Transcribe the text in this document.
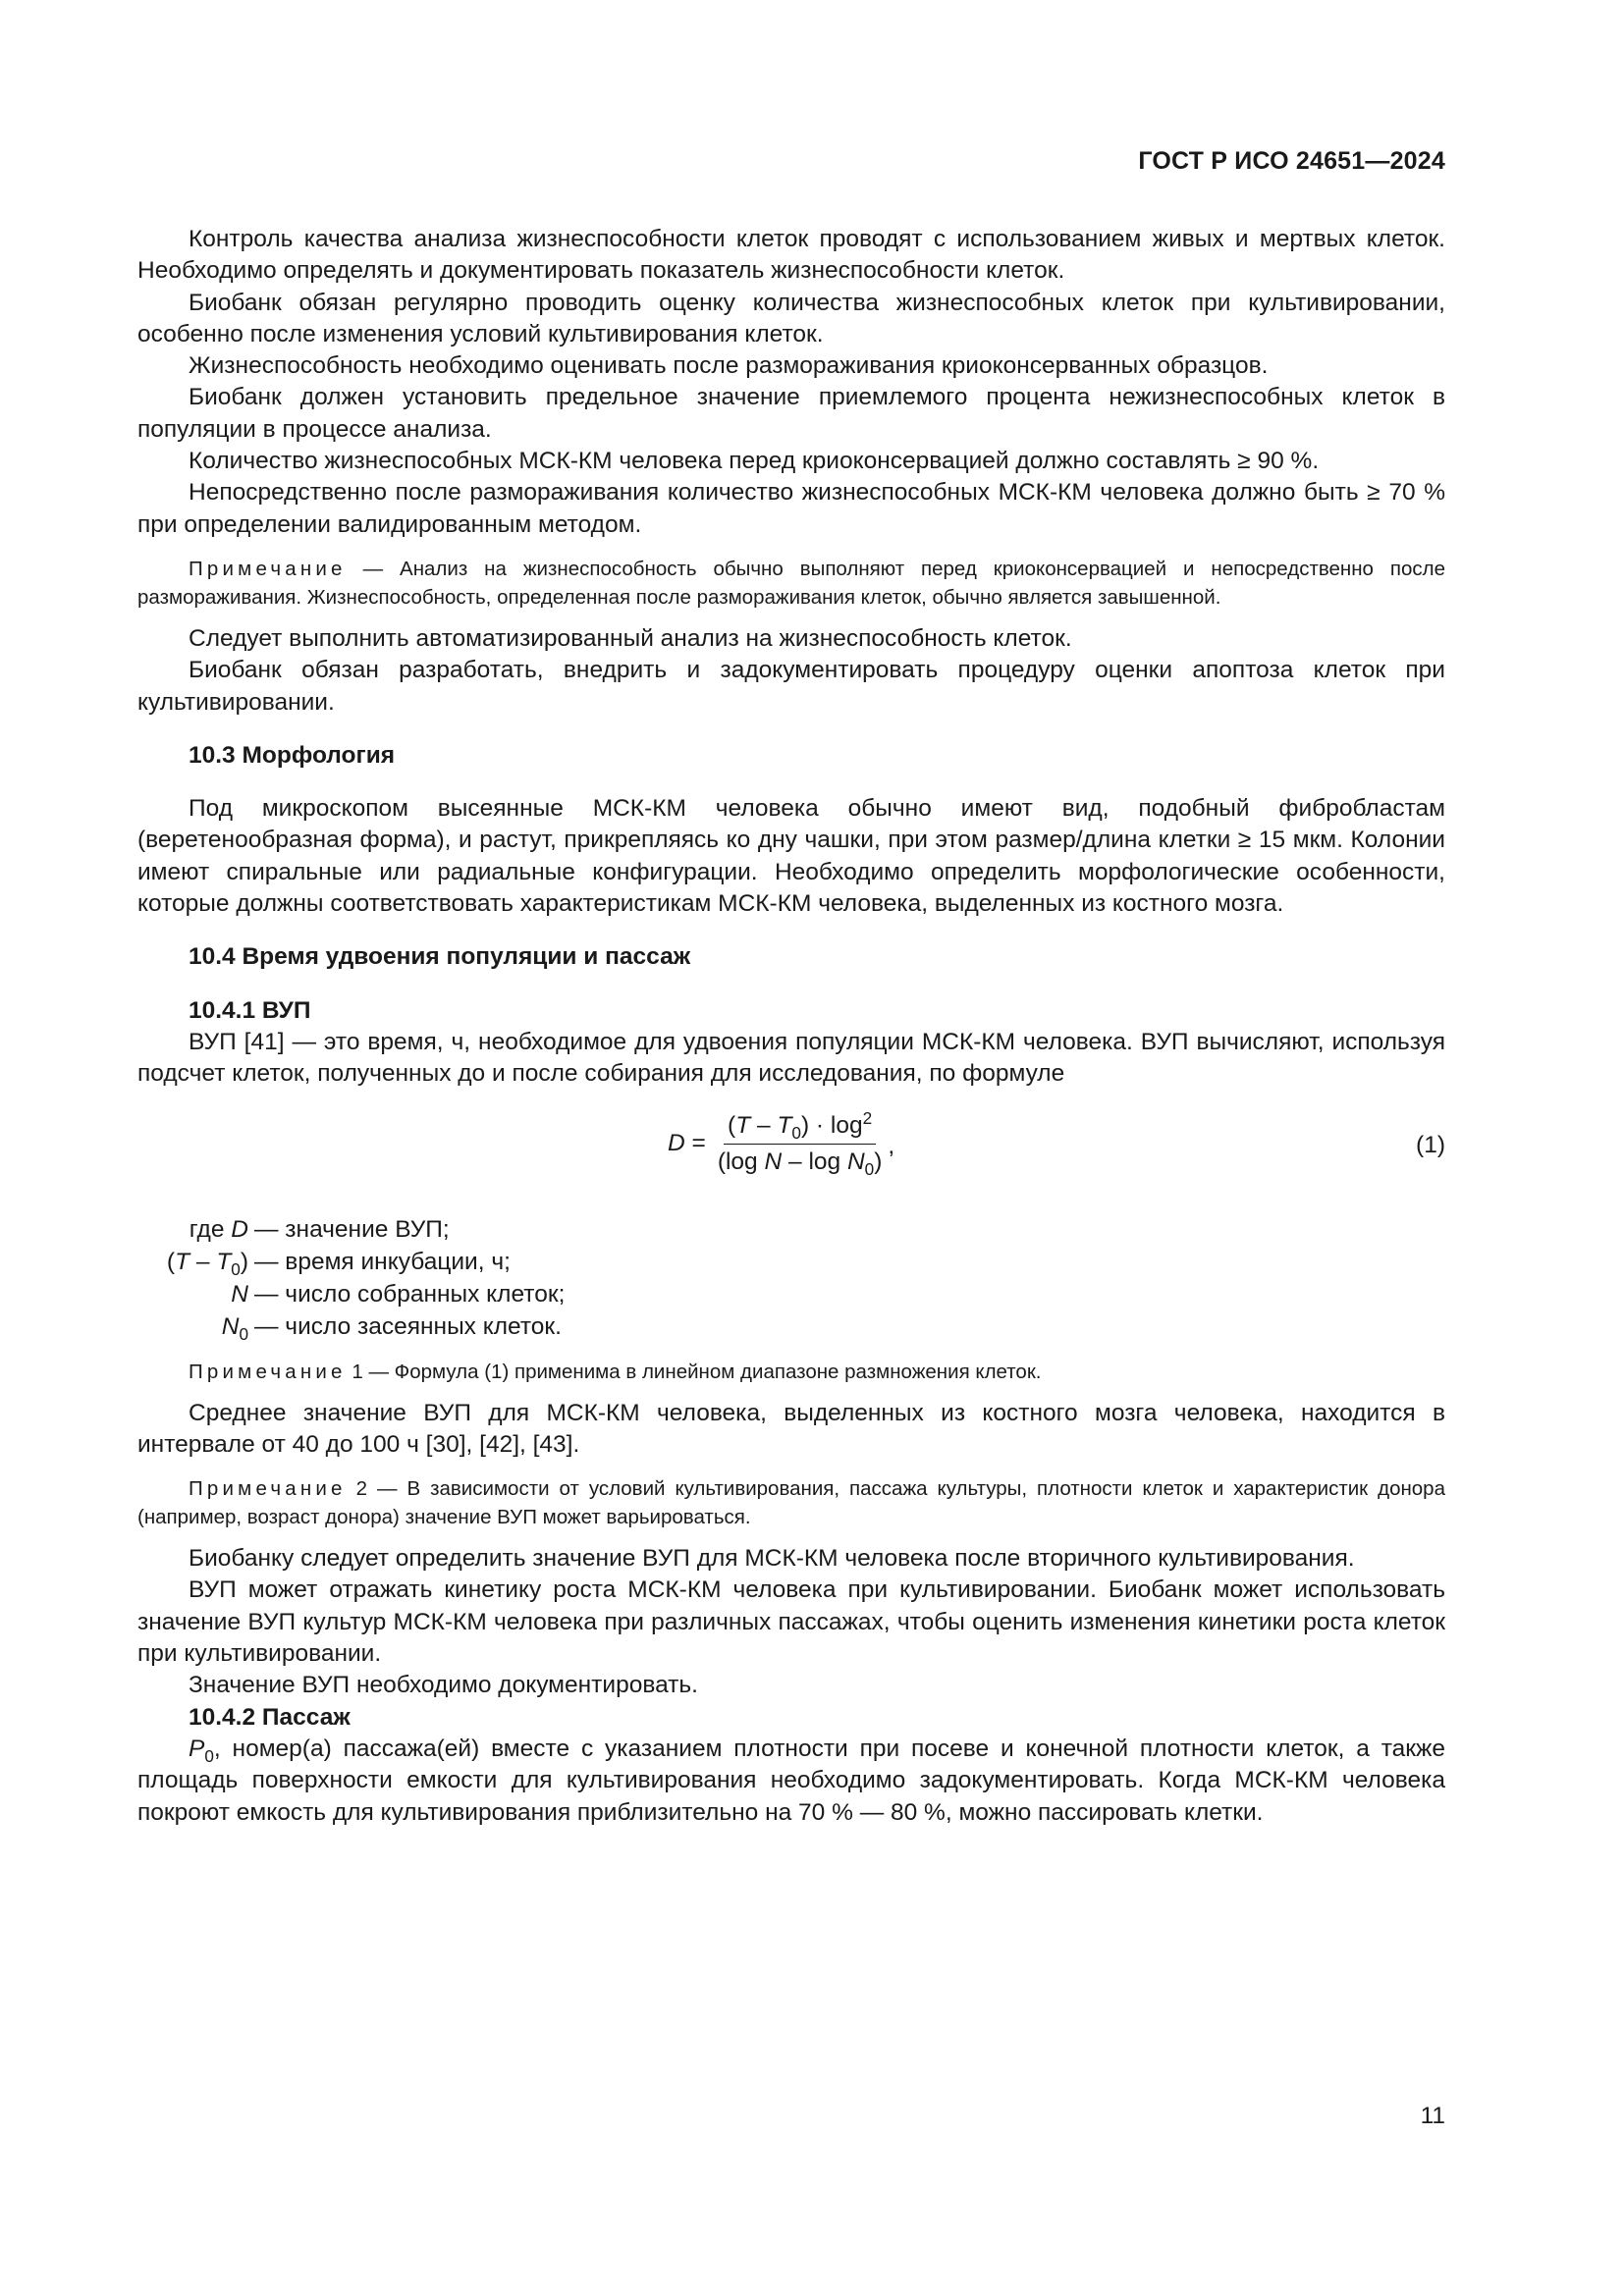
ГОСТ Р ИСО 24651—2024

Контроль качества анализа жизнеспособности клеток проводят с использованием живых и мертвых клеток. Необходимо определять и документировать показатель жизнеспособности клеток.

Биобанк обязан регулярно проводить оценку количества жизнеспособных клеток при культивировании, особенно после изменения условий культивирования клеток.

Жизнеспособность необходимо оценивать после размораживания криоконсерванных образцов.

Биобанк должен установить предельное значение приемлемого процента нежизнеспособных клеток в популяции в процессе анализа.

Количество жизнеспособных МСК-КМ человека перед криоконсервацией должно составлять ≥ 90 %.

Непосредственно после размораживания количество жизнеспособных МСК-КМ человека должно быть ≥ 70 % при определении валидированным методом.

Примечание — Анализ на жизнеспособность обычно выполняют перед криоконсервацией и непосредственно после размораживания. Жизнеспособность, определенная после размораживания клеток, обычно является завышенной.

Следует выполнить автоматизированный анализ на жизнеспособность клеток.

Биобанк обязан разработать, внедрить и задокументировать процедуру оценки апоптоза клеток при культивировании.

10.3 Морфология

Под микроскопом высеянные МСК-КМ человека обычно имеют вид, подобный фибробластам (веретенообразная форма), и растут, прикрепляясь ко дну чашки, при этом размер/длина клетки ≥ 15 мкм. Колонии имеют спиральные или радиальные конфигурации. Необходимо определить морфологические особенности, которые должны соответствовать характеристикам МСК-КМ человека, выделенных из костного мозга.

10.4 Время удвоения популяции и пассаж

10.4.1 ВУП

ВУП [41] — это время, ч, необходимое для удвоения популяции МСК-КМ человека. ВУП вычисляют, используя подсчет клеток, полученных до и после собирания для исследования, по формуле

$D = \frac{(T - T_0) \cdot \log^2}{(\log N - \log N_0)}$ ,	(1)
где D — значение ВУП;
$(T - T_0)$ — время инкубации, ч;
N — число собранных клеток;
$N_0$ — число засеянных клеток.

Примечание 1 — Формула (1) применима в линейном диапазоне размножения клеток.

Среднее значение ВУП для МСК-КМ человека, выделенных из костного мозга человека, находится в интервале от 40 до 100 ч [30], [42], [43].

Примечание 2 — В зависимости от условий культивирования, пассажа культуры, плотности клеток и характеристик донора (например, возраст донора) значение ВУП может варьироваться.

Биобанку следует определить значение ВУП для МСК-КМ человека после вторичного культивирования.

ВУП может отражать кинетику роста МСК-КМ человека при культивировании. Биобанк может использовать значение ВУП культур МСК-КМ человека при различных пассажах, чтобы оценить изменения кинетики роста клеток при культивировании.

Значение ВУП необходимо документировать.

10.4.2 Пассаж

$P_0$, номер(а) пассажа(ей) вместе с указанием плотности при посеве и конечной плотности клеток, а также площадь поверхности емкости для культивирования необходимо задокументировать. Когда МСК-КМ человека покроют емкость для культивирования приблизительно на 70 % — 80 %, можно пассировать клетки.

11
